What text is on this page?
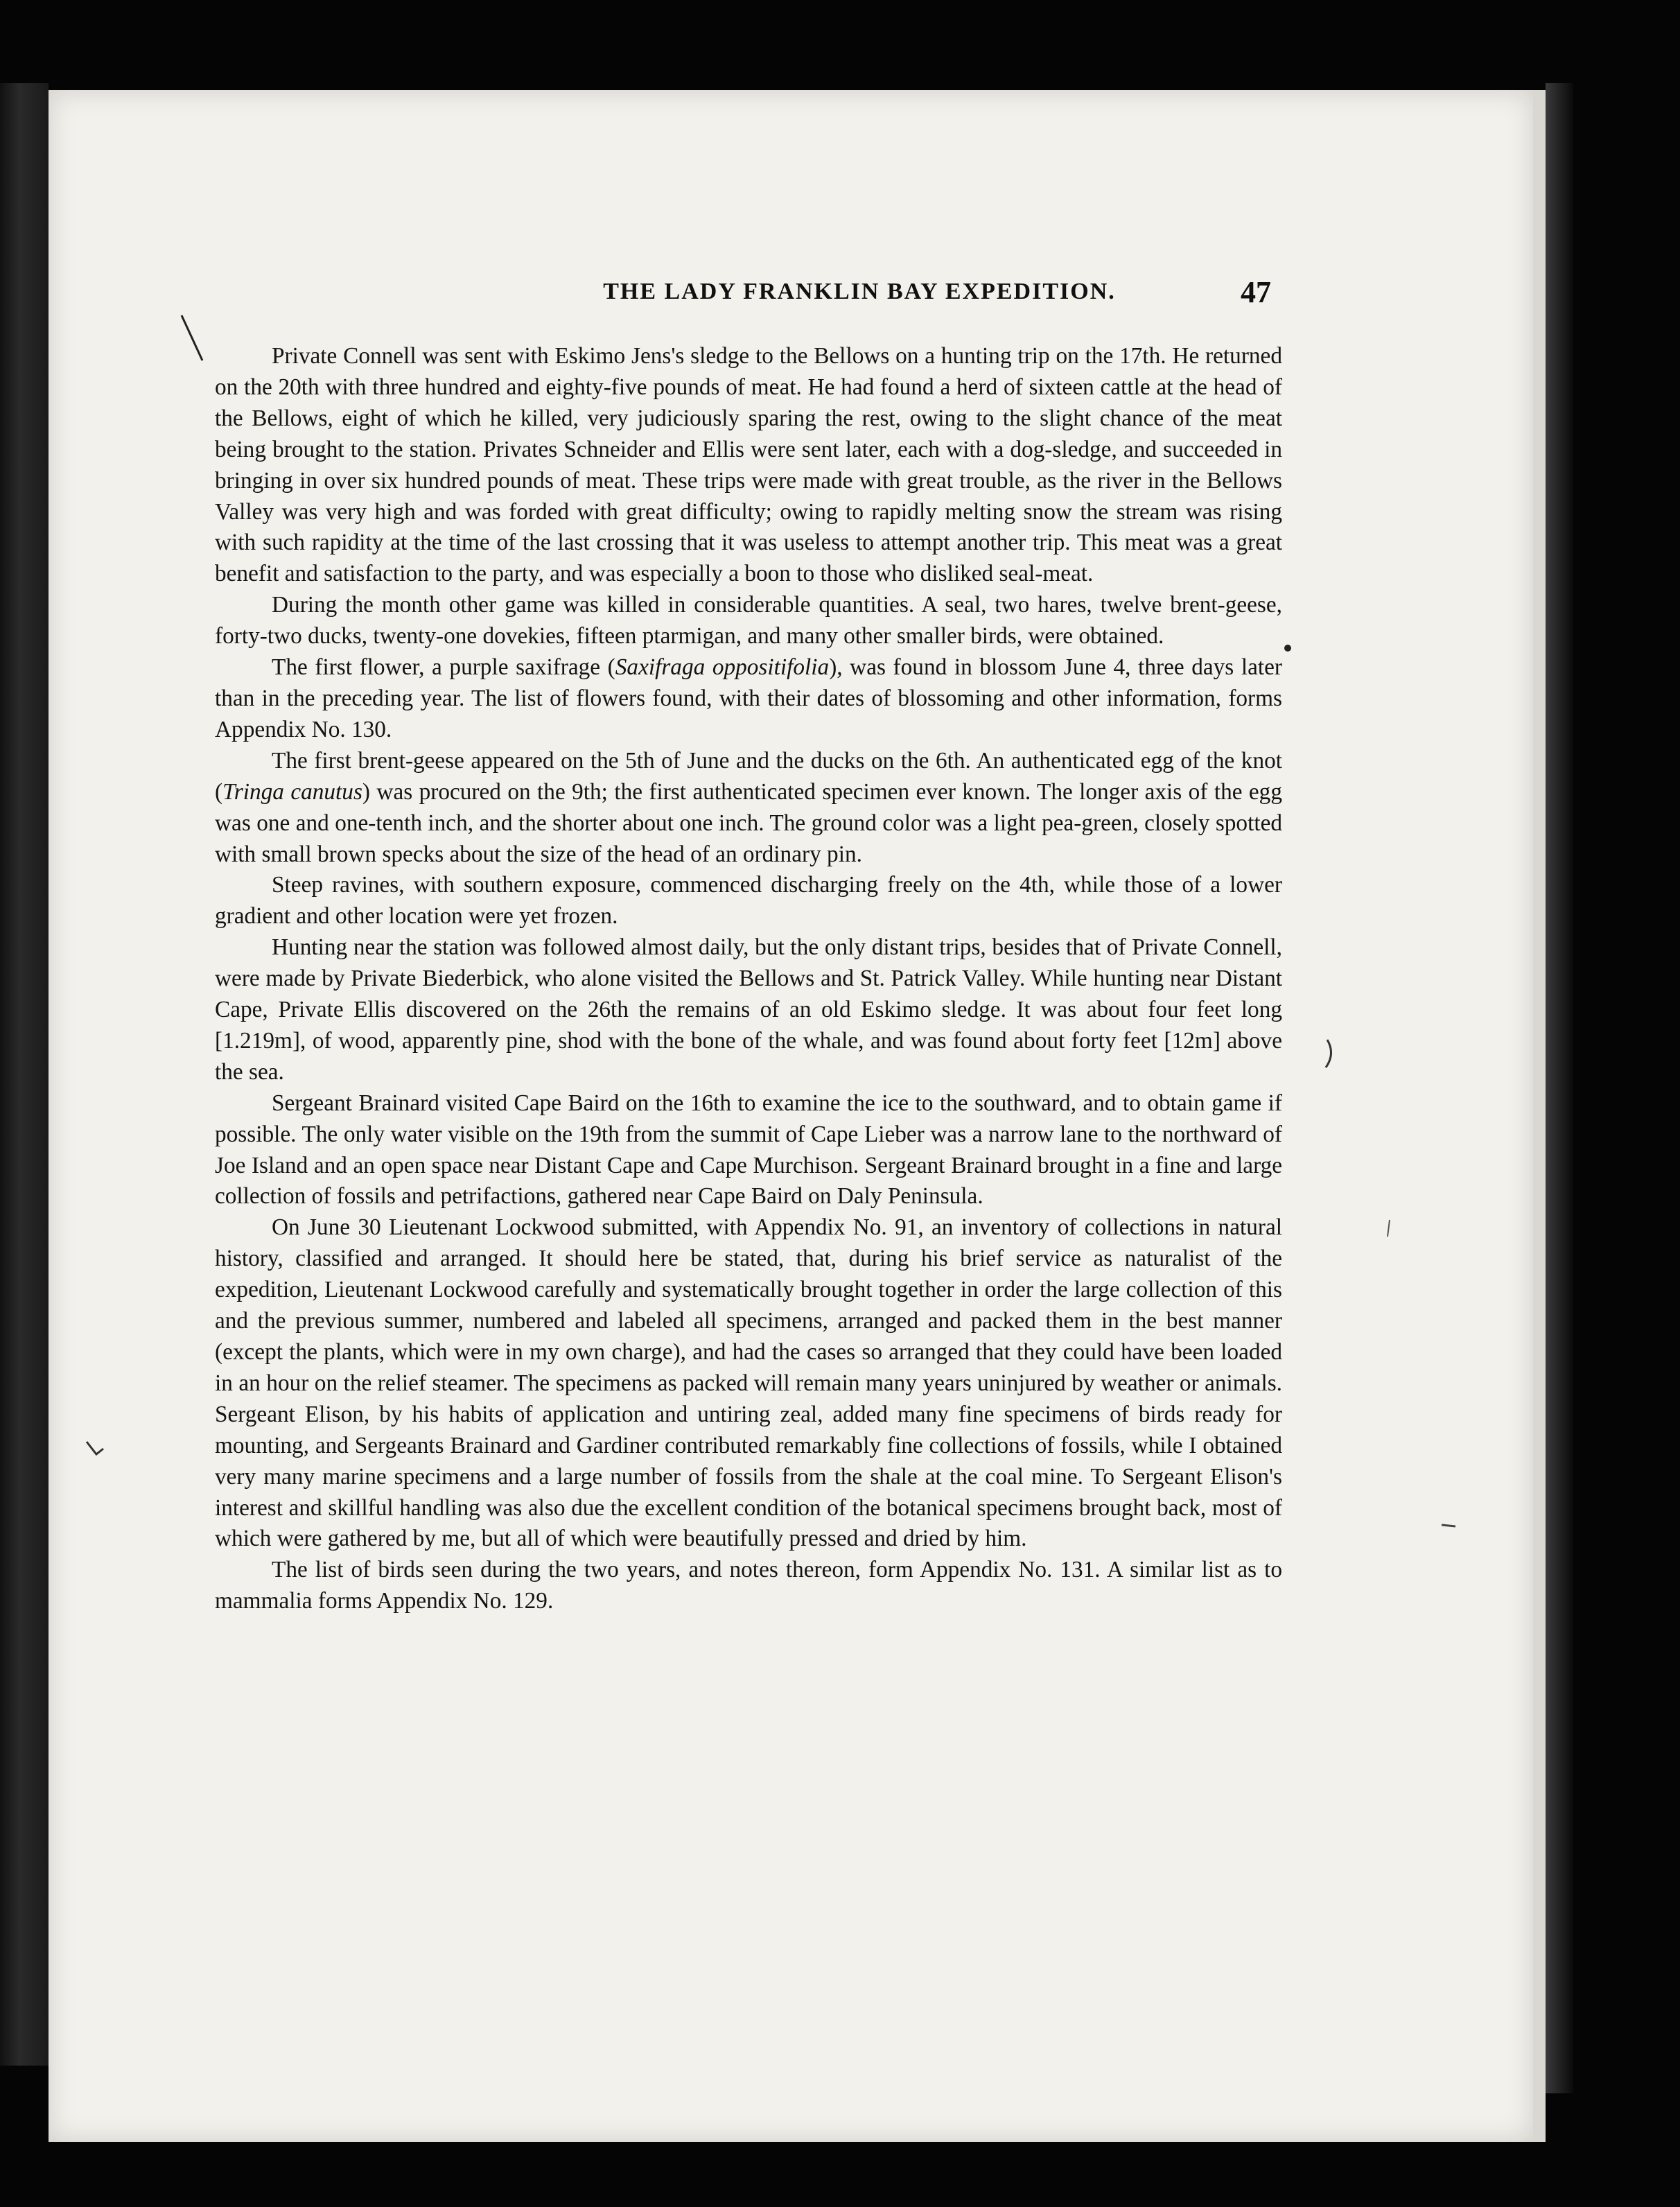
THE LADY FRANKLIN BAY EXPEDITION.	47

Private Connell was sent with Eskimo Jens's sledge to the Bellows on a hunting trip on the 17th. He returned on the 20th with three hundred and eighty-five pounds of meat. He had found a herd of sixteen cattle at the head of the Bellows, eight of which he killed, very judiciously sparing the rest, owing to the slight chance of the meat being brought to the station. Privates Schneider and Ellis were sent later, each with a dog-sledge, and succeeded in bringing in over six hundred pounds of meat. These trips were made with great trouble, as the river in the Bellows Valley was very high and was forded with great difficulty; owing to rapidly melting snow the stream was rising with such rapidity at the time of the last crossing that it was useless to attempt another trip. This meat was a great benefit and satisfaction to the party, and was especially a boon to those who disliked seal-meat.

During the month other game was killed in considerable quantities. A seal, two hares, twelve brent-geese, forty-two ducks, twenty-one dovekies, fifteen ptarmigan, and many other smaller birds, were obtained.

The first flower, a purple saxifrage (Saxifraga oppositifolia), was found in blossom June 4, three days later than in the preceding year. The list of flowers found, with their dates of blossoming and other information, forms Appendix No. 130.

The first brent-geese appeared on the 5th of June and the ducks on the 6th. An authenticated egg of the knot (Tringa canutus) was procured on the 9th; the first authenticated specimen ever known. The longer axis of the egg was one and one-tenth inch, and the shorter about one inch. The ground color was a light pea-green, closely spotted with small brown specks about the size of the head of an ordinary pin.

Steep ravines, with southern exposure, commenced discharging freely on the 4th, while those of a lower gradient and other location were yet frozen.

Hunting near the station was followed almost daily, but the only distant trips, besides that of Private Connell, were made by Private Biederbick, who alone visited the Bellows and St. Patrick Valley. While hunting near Distant Cape, Private Ellis discovered on the 26th the remains of an old Eskimo sledge. It was about four feet long [1.219m], of wood, apparently pine, shod with the bone of the whale, and was found about forty feet [12m] above the sea.

Sergeant Brainard visited Cape Baird on the 16th to examine the ice to the southward, and to obtain game if possible. The only water visible on the 19th from the summit of Cape Lieber was a narrow lane to the northward of Joe Island and an open space near Distant Cape and Cape Murchison. Sergeant Brainard brought in a fine and large collection of fossils and petrifactions, gathered near Cape Baird on Daly Peninsula.

On June 30 Lieutenant Lockwood submitted, with Appendix No. 91, an inventory of collections in natural history, classified and arranged. It should here be stated, that, during his brief service as naturalist of the expedition, Lieutenant Lockwood carefully and systematically brought together in order the large collection of this and the previous summer, numbered and labeled all specimens, arranged and packed them in the best manner (except the plants, which were in my own charge), and had the cases so arranged that they could have been loaded in an hour on the relief steamer. The specimens as packed will remain many years uninjured by weather or animals. Sergeant Elison, by his habits of application and untiring zeal, added many fine specimens of birds ready for mounting, and Sergeants Brainard and Gardiner contributed remarkably fine collections of fossils, while I obtained very many marine specimens and a large number of fossils from the shale at the coal mine. To Sergeant Elison's interest and skillful handling was also due the excellent condition of the botanical specimens brought back, most of which were gathered by me, but all of which were beautifully pressed and dried by him.

The list of birds seen during the two years, and notes thereon, form Appendix No. 131. A similar list as to mammalia forms Appendix No. 129.
